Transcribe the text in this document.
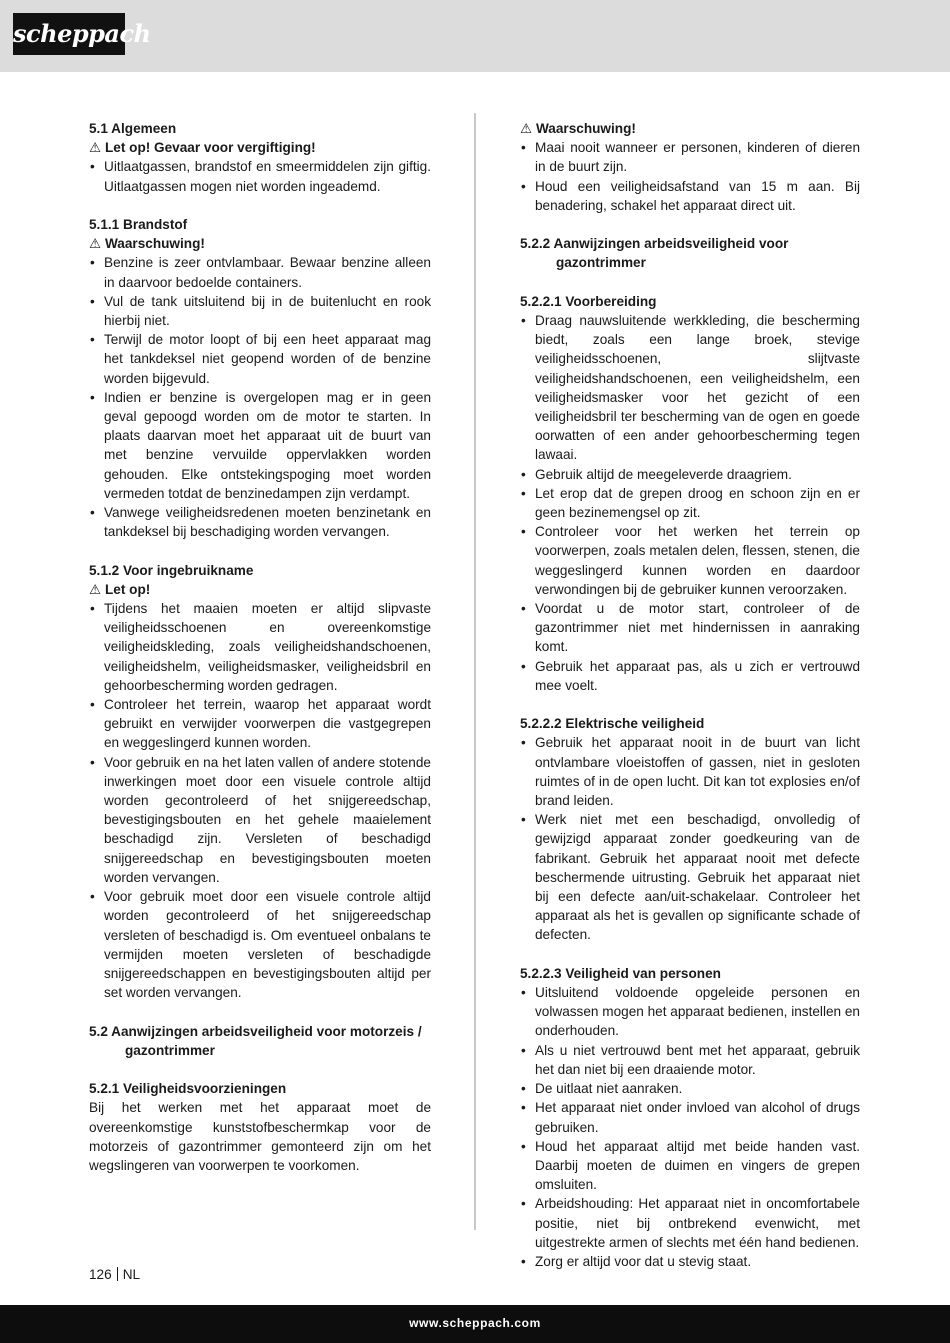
scheppach

5.1 Algemeen

⚠ Let op! Gevaar voor vergiftiging!

• Uitlaatgassen, brandstof en smeermiddelen zijn giftig. Uitlaatgassen mogen niet worden ingeademd.

5.1.1 Brandstof

⚠ Waarschuwing!

• Benzine is zeer ontvlambaar. Bewaar benzine alleen in daarvoor bedoelde containers.
• Vul de tank uitsluitend bij in de buitenlucht en rook hierbij niet.
• Terwijl de motor loopt of bij een heet apparaat mag het tankdeksel niet geopend worden of de benzine worden bijgevuld.
• Indien er benzine is overgelopen mag er in geen geval gepoogd worden om de motor te starten. In plaats daarvan moet het apparaat uit de buurt van met benzine vervuilde oppervlakken worden gehouden. Elke ontstekingspoging moet worden vermeden totdat de benzinedampen zijn verdampt.
• Vanwege veiligheidsredenen moeten benzinetank en tankdeksel bij beschadiging worden vervangen.

5.1.2 Voor ingebruikname

⚠ Let op!

• Tijdens het maaien moeten er altijd slipvaste veiligheidsschoenen en overeenkomstige veiligheidskleding, zoals veiligheidshandschoenen, veiligheidshelm, veiligheidsmasker, veiligheidsbril en gehoorbescherming worden gedragen.
• Controleer het terrein, waarop het apparaat wordt gebruikt en verwijder voorwerpen die vastgegrepen en weggeslingerd kunnen worden.
• Voor gebruik en na het laten vallen of andere stotende inwerkingen moet door een visuele controle altijd worden gecontroleerd of het snijgereedschap, bevestigingsbouten en het gehele maaielement beschadigd zijn. Versleten of beschadigd snijgereedschap en bevestigingsbouten moeten worden vervangen.
• Voor gebruik moet door een visuele controle altijd worden gecontroleerd of het snijgereedschap versleten of beschadigd is. Om eventueel onbalans te vermijden moeten versleten of beschadigde snijgereedschappen en bevestigingsbouten altijd per set worden vervangen.

5.2 Aanwijzingen arbeidsveiligheid voor motorzeis / gazontrimmer

5.2.1 Veiligheidsvoorzieningen

Bij het werken met het apparaat moet de overeenkomstige kunststofbeschermkap voor de motorzeis of gazontrimmer gemonteerd zijn om het wegslingeren van voorwerpen te voorkomen.

⚠ Waarschuwing!

• Maai nooit wanneer er personen, kinderen of dieren in de buurt zijn.
• Houd een veiligheidsafstand van 15 m aan. Bij benadering, schakel het apparaat direct uit.

5.2.2 Aanwijzingen arbeidsveiligheid voor gazontrimmer

5.2.2.1 Voorbereiding

• Draag nauwsluitende werkkleding, die bescherming biedt, zoals een lange broek, stevige veiligheidsschoenen, slijtvaste veiligheidshandschoenen, een veiligheidshelm, een veiligheidsmasker voor het gezicht of een veiligheidsbril ter bescherming van de ogen en goede oorwatten of een ander gehoorbescherming tegen lawaai.
• Gebruik altijd de meegeleverde draagriem.
• Let erop dat de grepen droog en schoon zijn en er geen bezinemengsel op zit.
• Controleer voor het werken het terrein op voorwerpen, zoals metalen delen, flessen, stenen, die weggeslingerd kunnen worden en daardoor verwondingen bij de gebruiker kunnen veroorzaken.
• Voordat u de motor start, controleer of de gazontrimmer niet met hindernissen in aanraking komt.
• Gebruik het apparaat pas, als u zich er vertrouwd mee voelt.

5.2.2.2 Elektrische veiligheid

• Gebruik het apparaat nooit in de buurt van licht ontvlambare vloeistoffen of gassen, niet in gesloten ruimtes of in de open lucht. Dit kan tot explosies en/of brand leiden.
• Werk niet met een beschadigd, onvolledig of gewijzigd apparaat zonder goedkeuring van de fabrikant. Gebruik het apparaat nooit met defecte beschermende uitrusting. Gebruik het apparaat niet bij een defecte aan/uit-schakelaar. Controleer het apparaat als het is gevallen op significante schade of defecten.

5.2.2.3 Veiligheid van personen

• Uitsluitend voldoende opgeleide personen en volwassen mogen het apparaat bedienen, instellen en onderhouden.
• Als u niet vertrouwd bent met het apparaat, gebruik het dan niet bij een draaiende motor.
• De uitlaat niet aanraken.
• Het apparaat niet onder invloed van alcohol of drugs gebruiken.
• Houd het apparaat altijd met beide handen vast. Daarbij moeten de duimen en vingers de grepen omsluiten.
• Arbeidshouding: Het apparaat niet in oncomfortabele positie, niet bij ontbrekend evenwicht, met uitgestrekte armen of slechts met één hand bedienen.
• Zorg er altijd voor dat u stevig staat.
126 NL
www.scheppach.com
